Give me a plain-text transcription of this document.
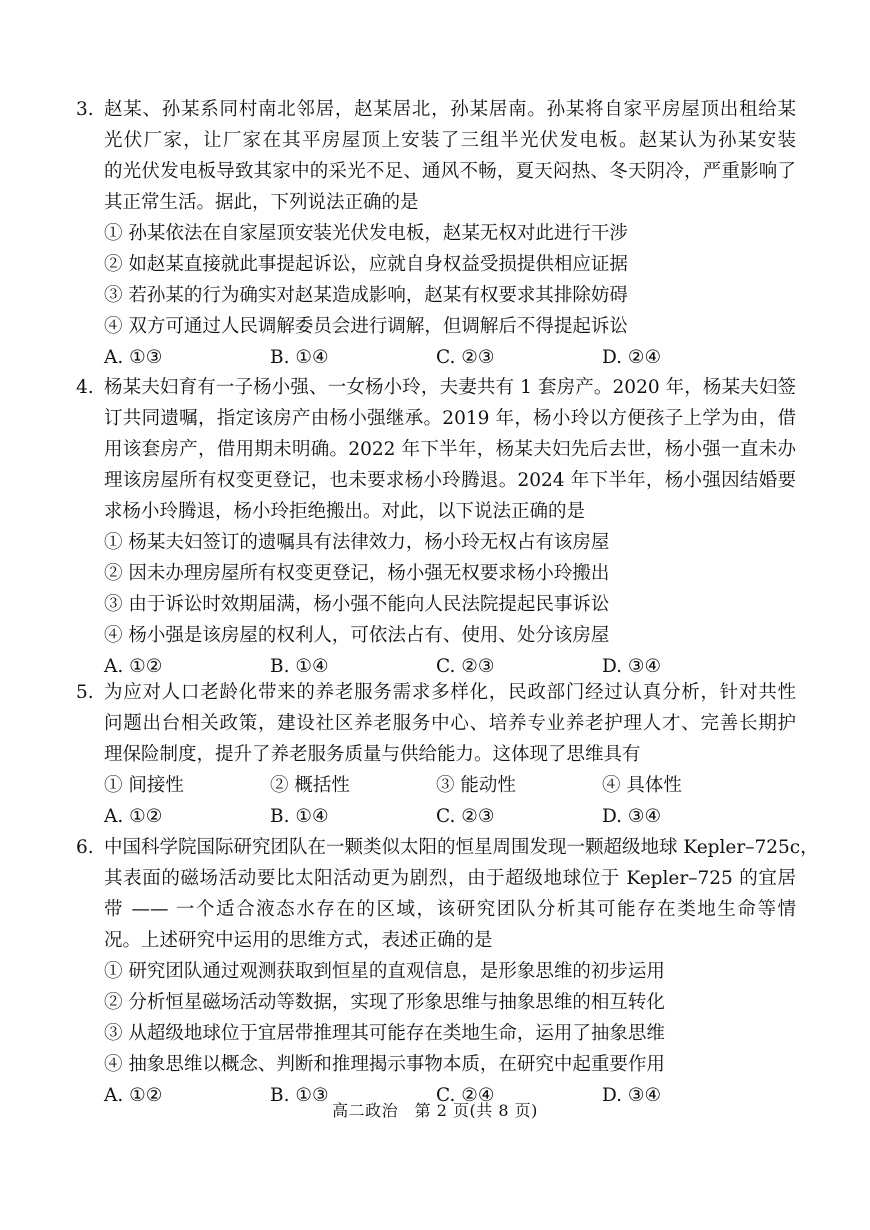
3. 赵某、孙某系同村南北邻居，赵某居北，孙某居南。孙某将自家平房屋顶出租给某
光伏厂家，让厂家在其平房屋顶上安装了三组半光伏发电板。赵某认为孙某安装
的光伏发电板导致其家中的采光不足、通风不畅，夏天闷热、冬天阴冷，严重影响了
其正常生活。据此，下列说法正确的是
① 孙某依法在自家屋顶安装光伏发电板，赵某无权对此进行干涉
② 如赵某直接就此事提起诉讼，应就自身权益受损提供相应证据
③ 若孙某的行为确实对赵某造成影响，赵某有权要求其排除妨碍
④ 双方可通过人民调解委员会进行调解，但调解后不得提起诉讼
A. ①③	B. ①④	C. ②③	D. ②④
4. 杨某夫妇育有一子杨小强、一女杨小玲，夫妻共有 1 套房产。2020 年，杨某夫妇签
订共同遗嘱，指定该房产由杨小强继承。2019 年，杨小玲以方便孩子上学为由，借
用该套房产，借用期未明确。2022 年下半年，杨某夫妇先后去世，杨小强一直未办
理该房屋所有权变更登记，也未要求杨小玲腾退。2024 年下半年，杨小强因结婚要
求杨小玲腾退，杨小玲拒绝搬出。对此，以下说法正确的是
① 杨某夫妇签订的遗嘱具有法律效力，杨小玲无权占有该房屋
② 因未办理房屋所有权变更登记，杨小强无权要求杨小玲搬出
③ 由于诉讼时效期届满，杨小强不能向人民法院提起民事诉讼
④ 杨小强是该房屋的权利人，可依法占有、使用、处分该房屋
A. ①②	B. ①④	C. ②③	D. ③④
5. 为应对人口老龄化带来的养老服务需求多样化，民政部门经过认真分析，针对共性
问题出台相关政策，建设社区养老服务中心、培养专业养老护理人才、完善长期护
理保险制度，提升了养老服务质量与供给能力。这体现了思维具有
① 间接性	② 概括性	③ 能动性	④ 具体性
A. ①②	B. ①④	C. ②③	D. ③④
6. 中国科学院国际研究团队在一颗类似太阳的恒星周围发现一颗超级地球 Kepler–725c，
其表面的磁场活动要比太阳活动更为剧烈，由于超级地球位于 Kepler–725 的宜居
带 —— 一个适合液态水存在的区域，该研究团队分析其可能存在类地生命等情
况。上述研究中运用的思维方式，表述正确的是
① 研究团队通过观测获取到恒星的直观信息，是形象思维的初步运用
② 分析恒星磁场活动等数据，实现了形象思维与抽象思维的相互转化
③ 从超级地球位于宜居带推理其可能存在类地生命，运用了抽象思维
④ 抽象思维以概念、判断和推理揭示事物本质，在研究中起重要作用
A. ①②	B. ①③	C. ②④	D. ③④
高二政治　第 2 页(共 8 页)
